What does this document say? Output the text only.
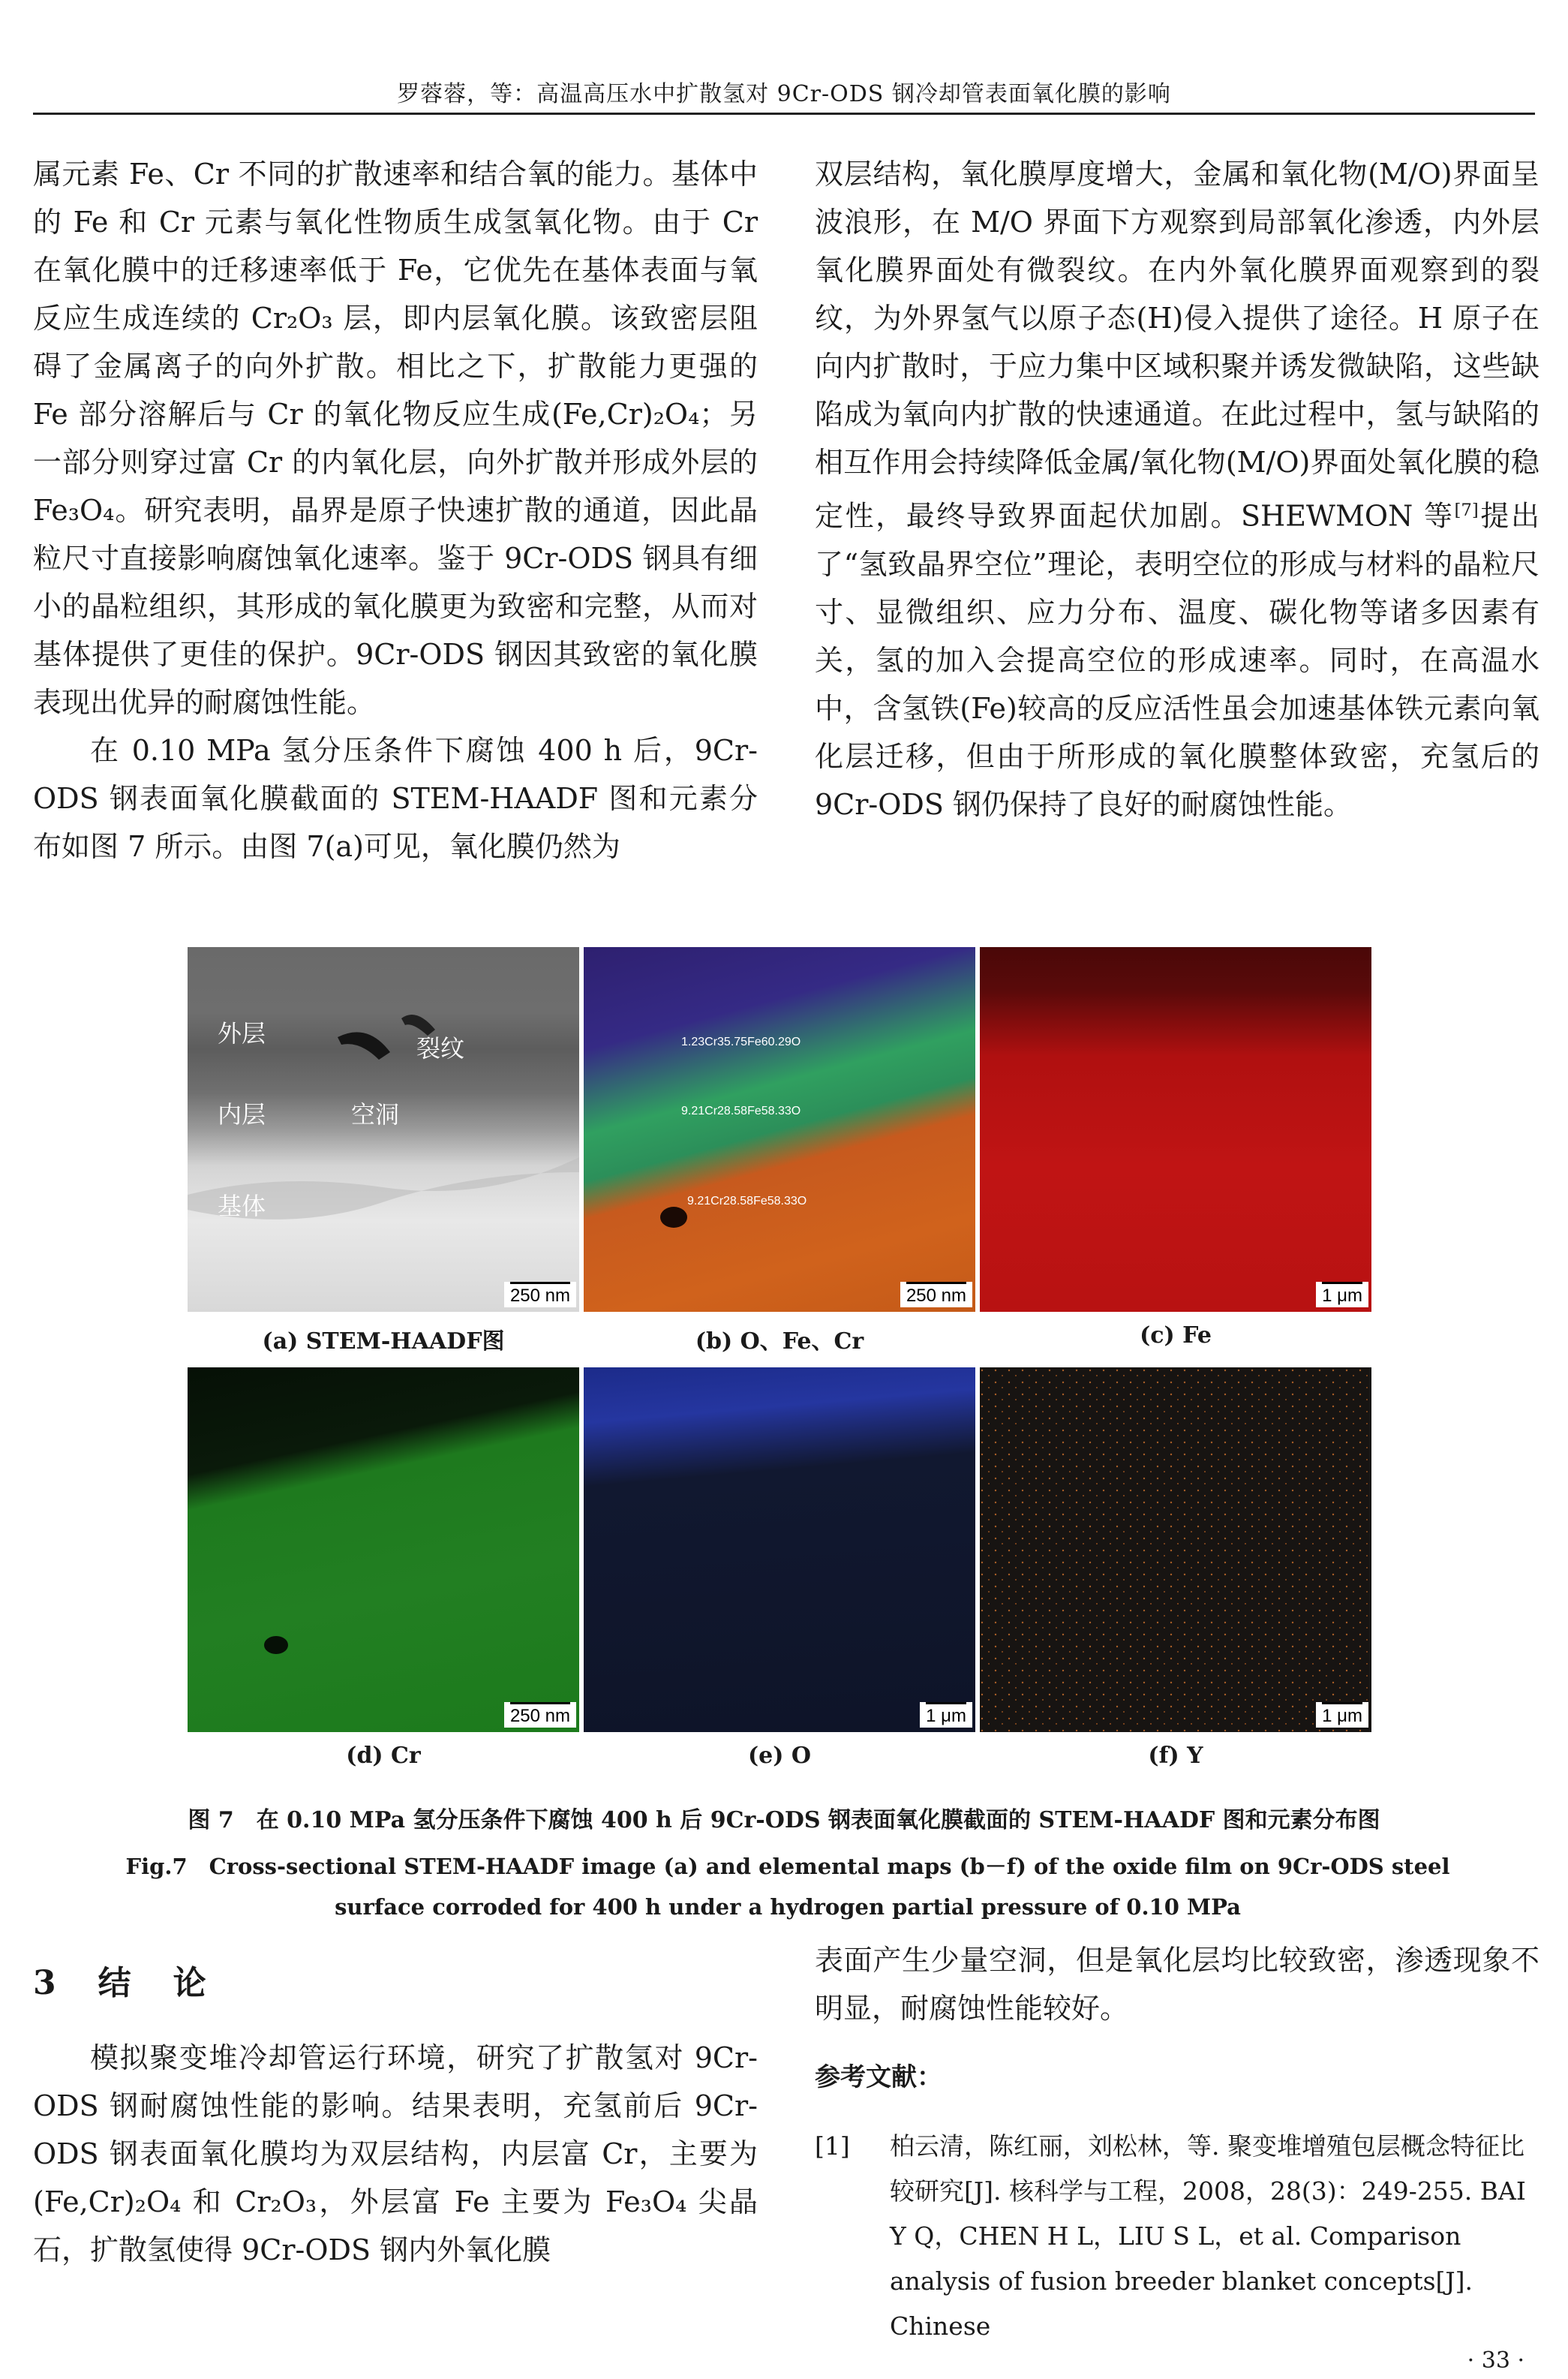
罗蓉蓉，等：高温高压水中扩散氢对 9Cr-ODS 钢冷却管表面氧化膜的影响

属元素 Fe、Cr 不同的扩散速率和结合氧的能力。基体中的 Fe 和 Cr 元素与氧化性物质生成氢氧化物。由于 Cr 在氧化膜中的迁移速率低于 Fe，它优先在基体表面与氧反应生成连续的 Cr₂O₃ 层，即内层氧化膜。该致密层阻碍了金属离子的向外扩散。相比之下，扩散能力更强的 Fe 部分溶解后与 Cr 的氧化物反应生成(Fe,Cr)₂O₄；另一部分则穿过富 Cr 的内氧化层，向外扩散并形成外层的 Fe₃O₄。研究表明，晶界是原子快速扩散的通道，因此晶粒尺寸直接影响腐蚀氧化速率。鉴于 9Cr-ODS 钢具有细小的晶粒组织，其形成的氧化膜更为致密和完整，从而对基体提供了更佳的保护。9Cr-ODS 钢因其致密的氧化膜表现出优异的耐腐蚀性能。

在 0.10 MPa 氢分压条件下腐蚀 400 h 后，9Cr-ODS 钢表面氧化膜截面的 STEM-HAADF 图和元素分布如图 7 所示。由图 7(a)可见，氧化膜仍然为

双层结构，氧化膜厚度增大，金属和氧化物(M/O)界面呈波浪形，在 M/O 界面下方观察到局部氧化渗透，内外层氧化膜界面处有微裂纹。在内外氧化膜界面观察到的裂纹，为外界氢气以原子态(H)侵入提供了途径。H 原子在向内扩散时，于应力集中区域积聚并诱发微缺陷，这些缺陷成为氧向内扩散的快速通道。在此过程中，氢与缺陷的相互作用会持续降低金属/氧化物(M/O)界面处氧化膜的稳定性，最终导致界面起伏加剧。SHEWMON 等[7]提出了“氢致晶界空位”理论，表明空位的形成与材料的晶粒尺寸、显微组织、应力分布、温度、碳化物等诸多因素有关，氢的加入会提高空位的形成速率。同时，在高温水中，含氢铁(Fe)较高的反应活性虽会加速基体铁元素向氧化层迁移，但由于所形成的氧化膜整体致密，充氢后的 9Cr-ODS 钢仍保持了良好的耐腐蚀性能。

外层
裂纹
内层	空洞
基体
250 nm
1.23Cr35.75Fe60.29O
9.21Cr28.58Fe58.33O
9.21Cr28.58Fe58.33O
250 nm	1 μm
(a) STEM-HAADF图	(b) O、Fe、Cr	(c) Fe
250 nm	1 μm	1 μm
(d) Cr	(e) O	(f) Y
图 7　在 0.10 MPa 氢分压条件下腐蚀 400 h 后 9Cr-ODS 钢表面氧化膜截面的 STEM-HAADF 图和元素分布图
Fig.7　Cross-sectional STEM-HAADF image (a) and elemental maps (b－f) of the oxide film on 9Cr-ODS steel surface corroded for 400 h under a hydrogen partial pressure of 0.10 MPa
3　结　论

模拟聚变堆冷却管运行环境，研究了扩散氢对 9Cr-ODS 钢耐腐蚀性能的影响。结果表明，充氢前后 9Cr-ODS 钢表面氧化膜均为双层结构，内层富 Cr，主要为(Fe,Cr)₂O₄ 和 Cr₂O₃，外层富 Fe 主要为 Fe₃O₄ 尖晶石，扩散氢使得 9Cr-ODS 钢内外氧化膜

表面产生少量空洞，但是氧化层均比较致密，渗透现象不明显，耐腐蚀性能较好。

参考文献：
[1] 柏云清，陈红丽，刘松林，等. 聚变堆增殖包层概念特征比较研究[J]. 核科学与工程，2008，28(3)：249-255. BAI Y Q，CHEN H L，LIU S L，et al. Comparison analysis of fusion breeder blanket concepts[J]. Chinese
· 33 ·
